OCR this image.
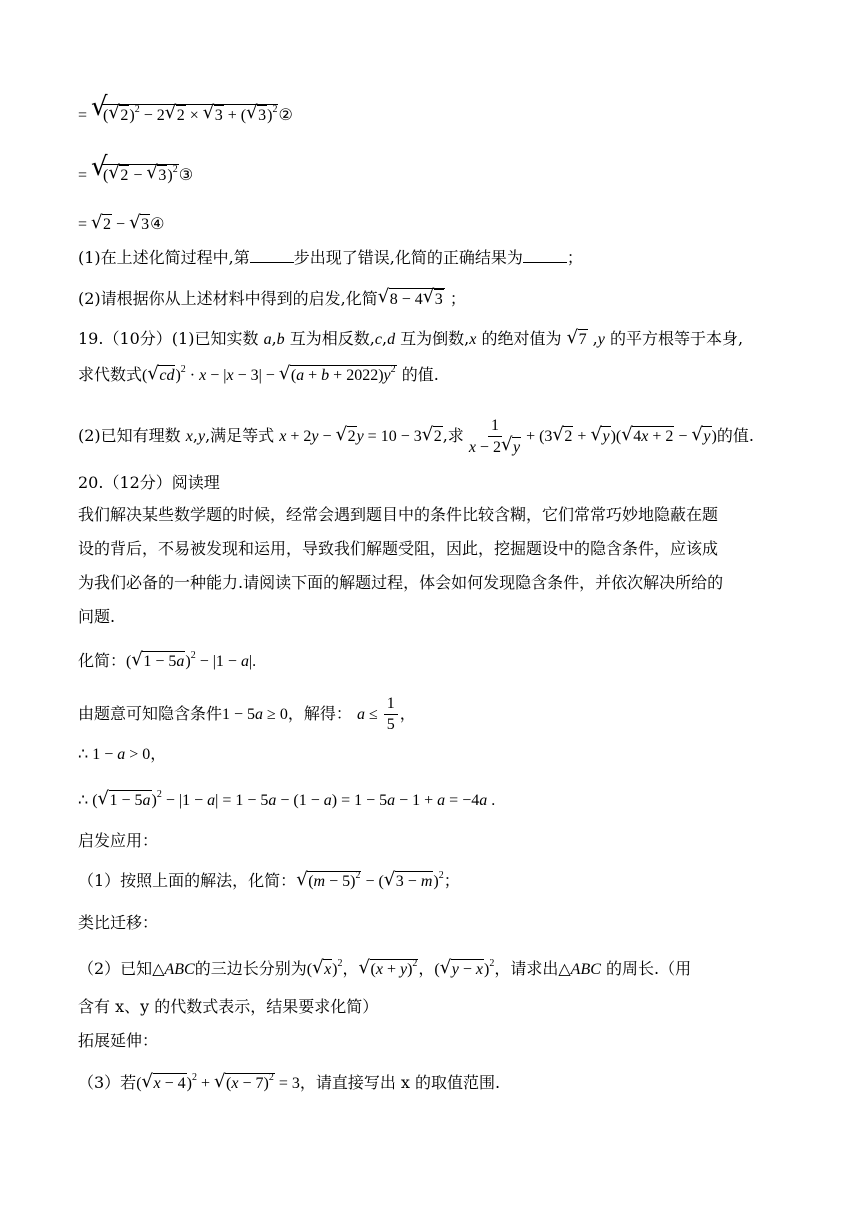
= √ (√ 2)$^2$ − 2√ 2 × √ 3 + (√ 3)$^2$②
= √ (√ 2 − √ 3)$^2$③
= √ 2 − √ 3④
(1)在上述化简过程中,第	步出现了错误,化简的正确结果为	；
(2)请根据你从上述材料中得到的启发,化简√ 8 − 4√ 3 ；
19.（10分）(1)已知实数 a,b 互为相反数,c,d 互为倒数,x 的绝对值为 √ 7 ,y 的平方根等于本身,
求代数式(√ cd)$^2$ · x − |x − 3| − √ $(a + b + 2022)y^2$ 的值.
(2)已知有理数 x,y,满足等式 x + 2y − √ 2y = 10 − 3√ 2,求 $\frac{1}{x - 2√ y} + (3√$ 2 + √ y)(√ 4x + 2 − √ y)的值.
20.（12分）阅读理
我们解决某些数学题的时候，经常会遇到题目中的条件比较含糊，它们常常巧妙地隐蔽在题
设的背后，不易被发现和运用，导致我们解题受阻，因此，挖掘题设中的隐含条件，应该成
为我们必备的一种能力.请阅读下面的解题过程，体会如何发现隐含条件，并依次解决所给的
问题.
化简：(√ 1 − 5a)$^2$ − |1 − a|.
由题意可知隐含条件1 − 5a ≥ 0，解得： $a \le \frac{1}{5}$ ，
∴ 1 − a > 0，
∴ (√ 1 − 5a)$^2$ − |1 − a| = 1 − 5a − (1 − a) = 1 − 5a − 1 + a = −4a .
启发应用：
（1）按照上面的解法，化简：√ $(m - 5)^2$ − (√ 3 − m)$^2$；
类比迁移：
（2）已知△ABC的三边长分别为(√ x)$^2$，√ $(x + y)^2$，(√ y − x)$^2$，请求出△ABC 的周长.（用
含有 x、y 的代数式表示，结果要求化简）
拓展延伸：
（3）若(√ x − 4)$^2$ + √ $(x - 7)^2 = 3$，请直接写出 x 的取值范围.
